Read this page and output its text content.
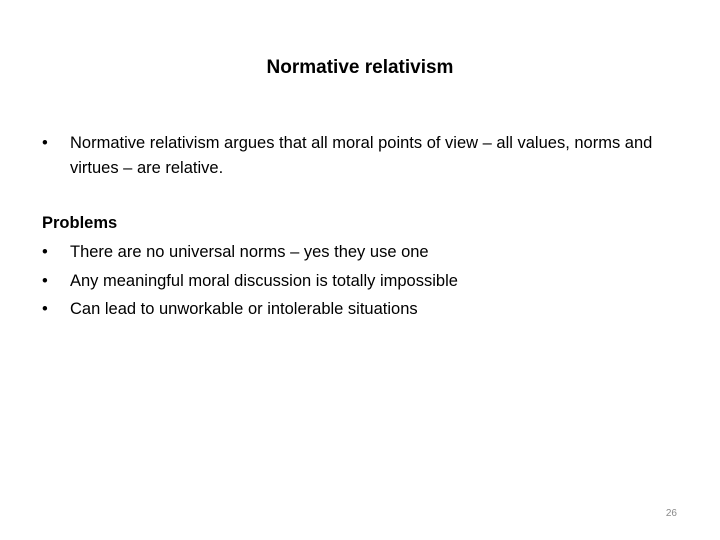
Normative relativism
•	Normative relativism argues that all moral points of view – all values, norms and virtues – are relative.
Problems
•	There are no universal norms – yes they use one
•	Any meaningful moral discussion is totally impossible
•	Can lead to unworkable or intolerable situations
26
